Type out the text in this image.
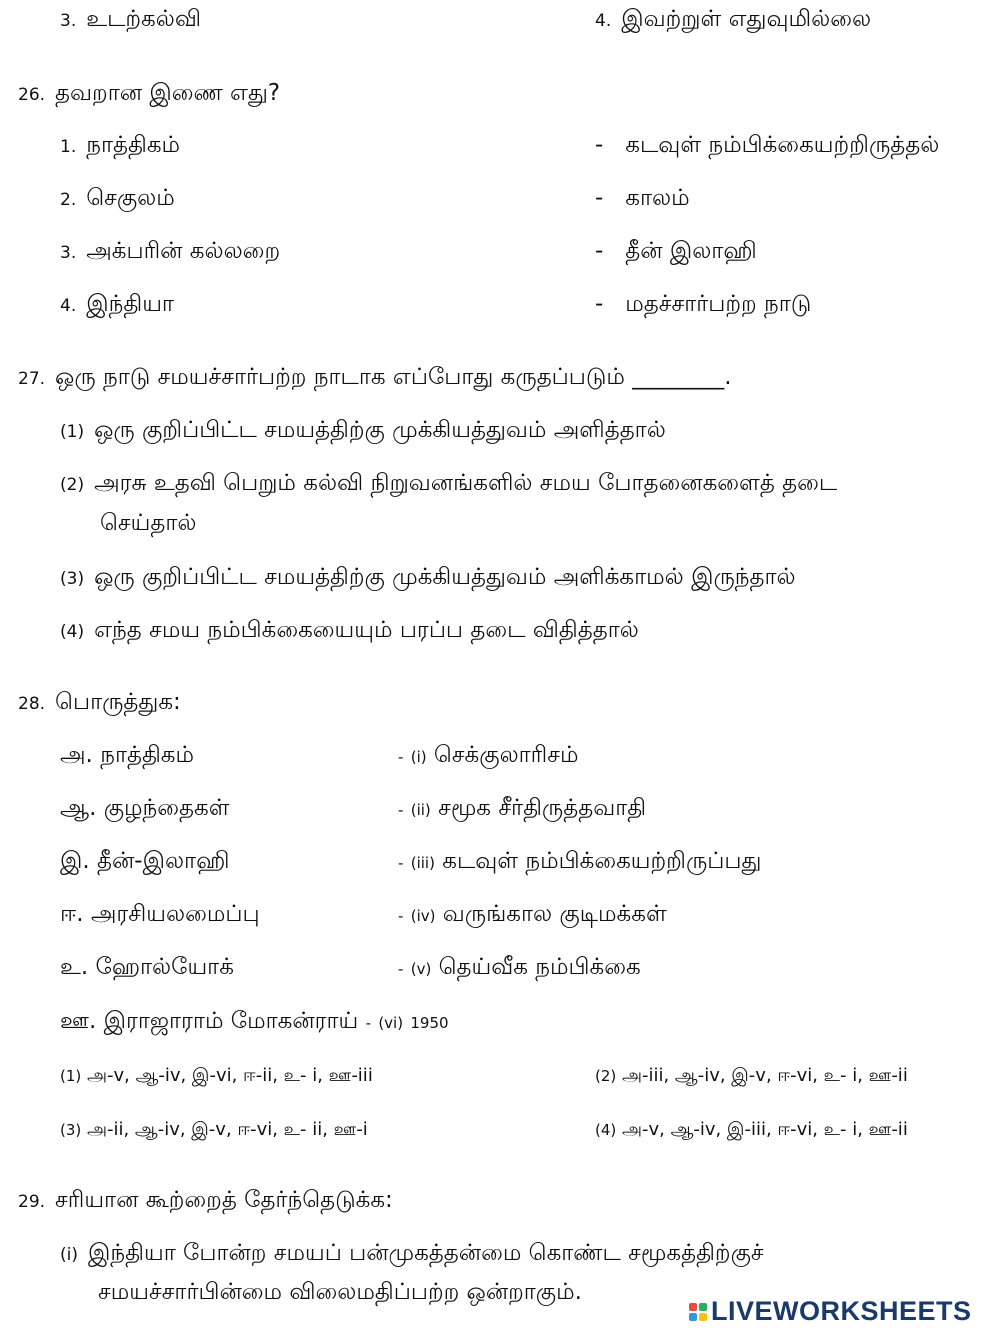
3. உடற்கல்வி	4. இவற்றுள் எதுவுமில்லை
26. தவறான இணை எது?
1. நாத்திகம்	- கடவுள் நம்பிக்கையற்றிருத்தல்
2. செகுலம்	- காலம்
3. அக்பரின் கல்லறை	- தீன் இலாஹி
4. இந்தியா	- மதச்சார்பற்ற நாடு
27. ஒரு நாடு சமயச்சார்பற்ற நாடாக எப்போது கருதப்படும் ________.
(1) ஒரு குறிப்பிட்ட சமயத்திற்கு முக்கியத்துவம் அளித்தால்
(2) அரசு உதவி பெறும் கல்வி நிறுவனங்களில் சமய போதனைகளைத் தடை
செய்தால்
(3) ஒரு குறிப்பிட்ட சமயத்திற்கு முக்கியத்துவம் அளிக்காமல் இருந்தால்
(4) எந்த சமய நம்பிக்கையையும் பரப்ப தடை விதித்தால்
28. பொருத்துக:
அ. நாத்திகம்	- (i) செக்குலாரிசம்
ஆ. குழந்தைகள்	- (ii) சமூக சீர்திருத்தவாதி
இ. தீன்-இலாஹி	- (iii) கடவுள் நம்பிக்கையற்றிருப்பது
ஈ. அரசியலமைப்பு	- (iv) வருங்கால குடிமக்கள்
உ. ஹோல்யோக்	- (v) தெய்வீக நம்பிக்கை
ஊ. இராஜாராம் மோகன்ராய் - (vi) 1950
(1) அ-v, ஆ-iv, இ-vi, ஈ-ii, உ- i, ஊ-iii	(2) அ-iii, ஆ-iv, இ-v, ஈ-vi, உ- i, ஊ-ii
(3) அ-ii, ஆ-iv, இ-v, ஈ-vi, உ- ii, ஊ-i	(4) அ-v, ஆ-iv, இ-iii, ஈ-vi, உ- i, ஊ-ii
29. சரியான கூற்றைத் தேர்ந்தெடுக்க:
(i) இந்தியா போன்ற சமயப் பன்முகத்தன்மை கொண்ட சமூகத்திற்குச்
சமயச்சார்பின்மை விலைமதிப்பற்ற ஒன்றாகும்.
LIVEWORKSHEETS
